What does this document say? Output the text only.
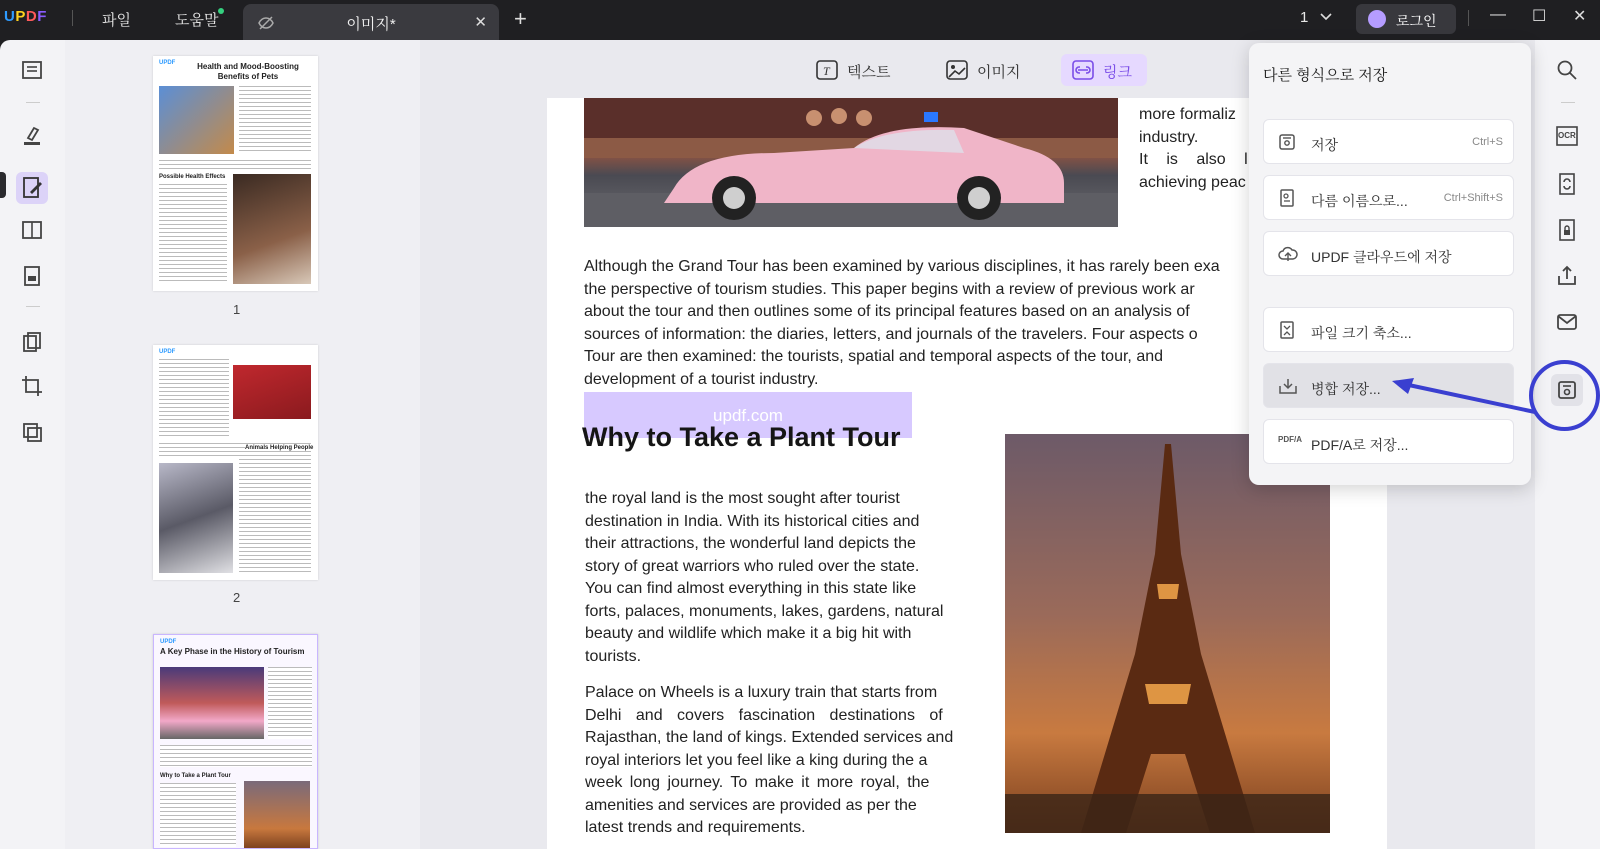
UPDF	파일	도움말	이미지*	✕ +	1	로그인	— ☐ ✕
UPDF	Health and Mood-Boosting Benefits of Pets
Possible Health Effects
1
UPDF
Animals Helping People
2
UPDF
A Key Phase in the History of Tourism
Why to Take a Plant Tour
T 텍스트	이미지	링크
more formaliz
industry.
It is also l
achieving peac
Although the Grand Tour has been examined by various disciplines, it has rarely been exa
the perspective of tourism studies. This paper begins with a review of previous work ar
about the tour and then outlines some of its principal features based on an analysis of
sources of information: the diaries, letters, and journals of the travelers. Four aspects o
Tour are then examined: the tourists, spatial and temporal aspects of the tour, and
development of a tourist industry.
updf.com
Why to Take a Plant Tour
the royal land is the most sought after tourist
destination in India. With its historical cities and
their attractions, the wonderful land depicts the
story of great warriors who ruled over the state.
You can find almost everything in this state like
forts, palaces, monuments, lakes, gardens, natural
beauty and wildlife which make it a big hit with
tourists.
Palace on Wheels is a luxury train that starts from
Delhi and covers fascination destinations of
Rajasthan, the land of kings. Extended services and
royal interiors let you feel like a king during the a
week long journey. To make it more royal, the
amenities and services are provided as per the
latest trends and requirements.
OCR
다른 형식으로 저장
저장	Ctrl+S
다름 이름으로...	Ctrl+Shift+S
UPDF 클라우드에 저장
파일 크기 축소...
병합 저장...
PDF/A PDF/A로 저장...
